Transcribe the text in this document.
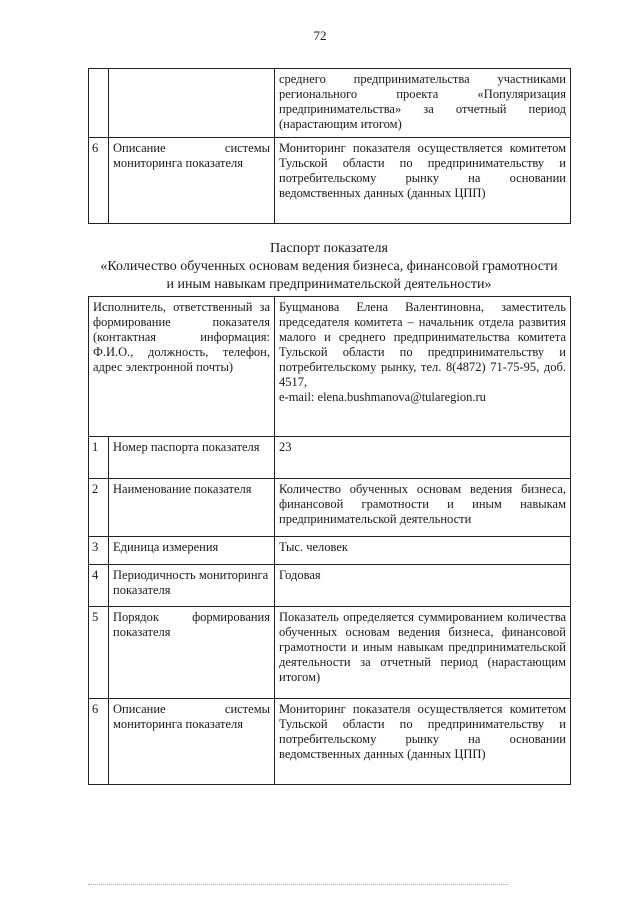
72
		среднего предпринимательства участниками регионального проекта «Популяризация предпринимательства» за отчетный период (нарастающим итогом)
6	Описание системы мониторинга показателя	Мониторинг показателя осуществляется комитетом Тульской области по предпринимательству и потребительскому рынку на основании ведомственных данных (данных ЦПП)
Паспорт показателя
«Количество обученных основам ведения бизнеса, финансовой грамотности
и иным навыкам предпринимательской деятельности»
Исполнитель, ответственный за формирование показателя (контактная информация: Ф.И.О., должность, телефон, адрес электронной почты)		Бущманова Елена Валентиновна, заместитель председателя комитета – начальник отдела развития малого и среднего предпринимательства комитета Тульской области по предпринимательству и потребительскому рынку, тел. 8(4872) 71-75-95, доб. 4517,
e-mail: elena.bushmanova@tularegion.ru
1	Номер паспорта показателя	23
2	Наименование показателя	Количество обученных основам ведения бизнеса, финансовой грамотности и иным навыкам предпринимательской деятельности
3	Единица измерения	Тыс. человек
4	Периодичность мониторинга показателя	Годовая
5	Порядок формирования показателя	Показатель определяется суммированием количества обученных основам ведения бизнеса, финансовой грамотности и иным навыкам предпринимательской деятельности за отчетный период (нарастающим итогом)
6	Описание системы мониторинга показателя	Мониторинг показателя осуществляется комитетом Тульской области по предпринимательству и потребительскому рынку на основании ведомственных данных (данных ЦПП)
